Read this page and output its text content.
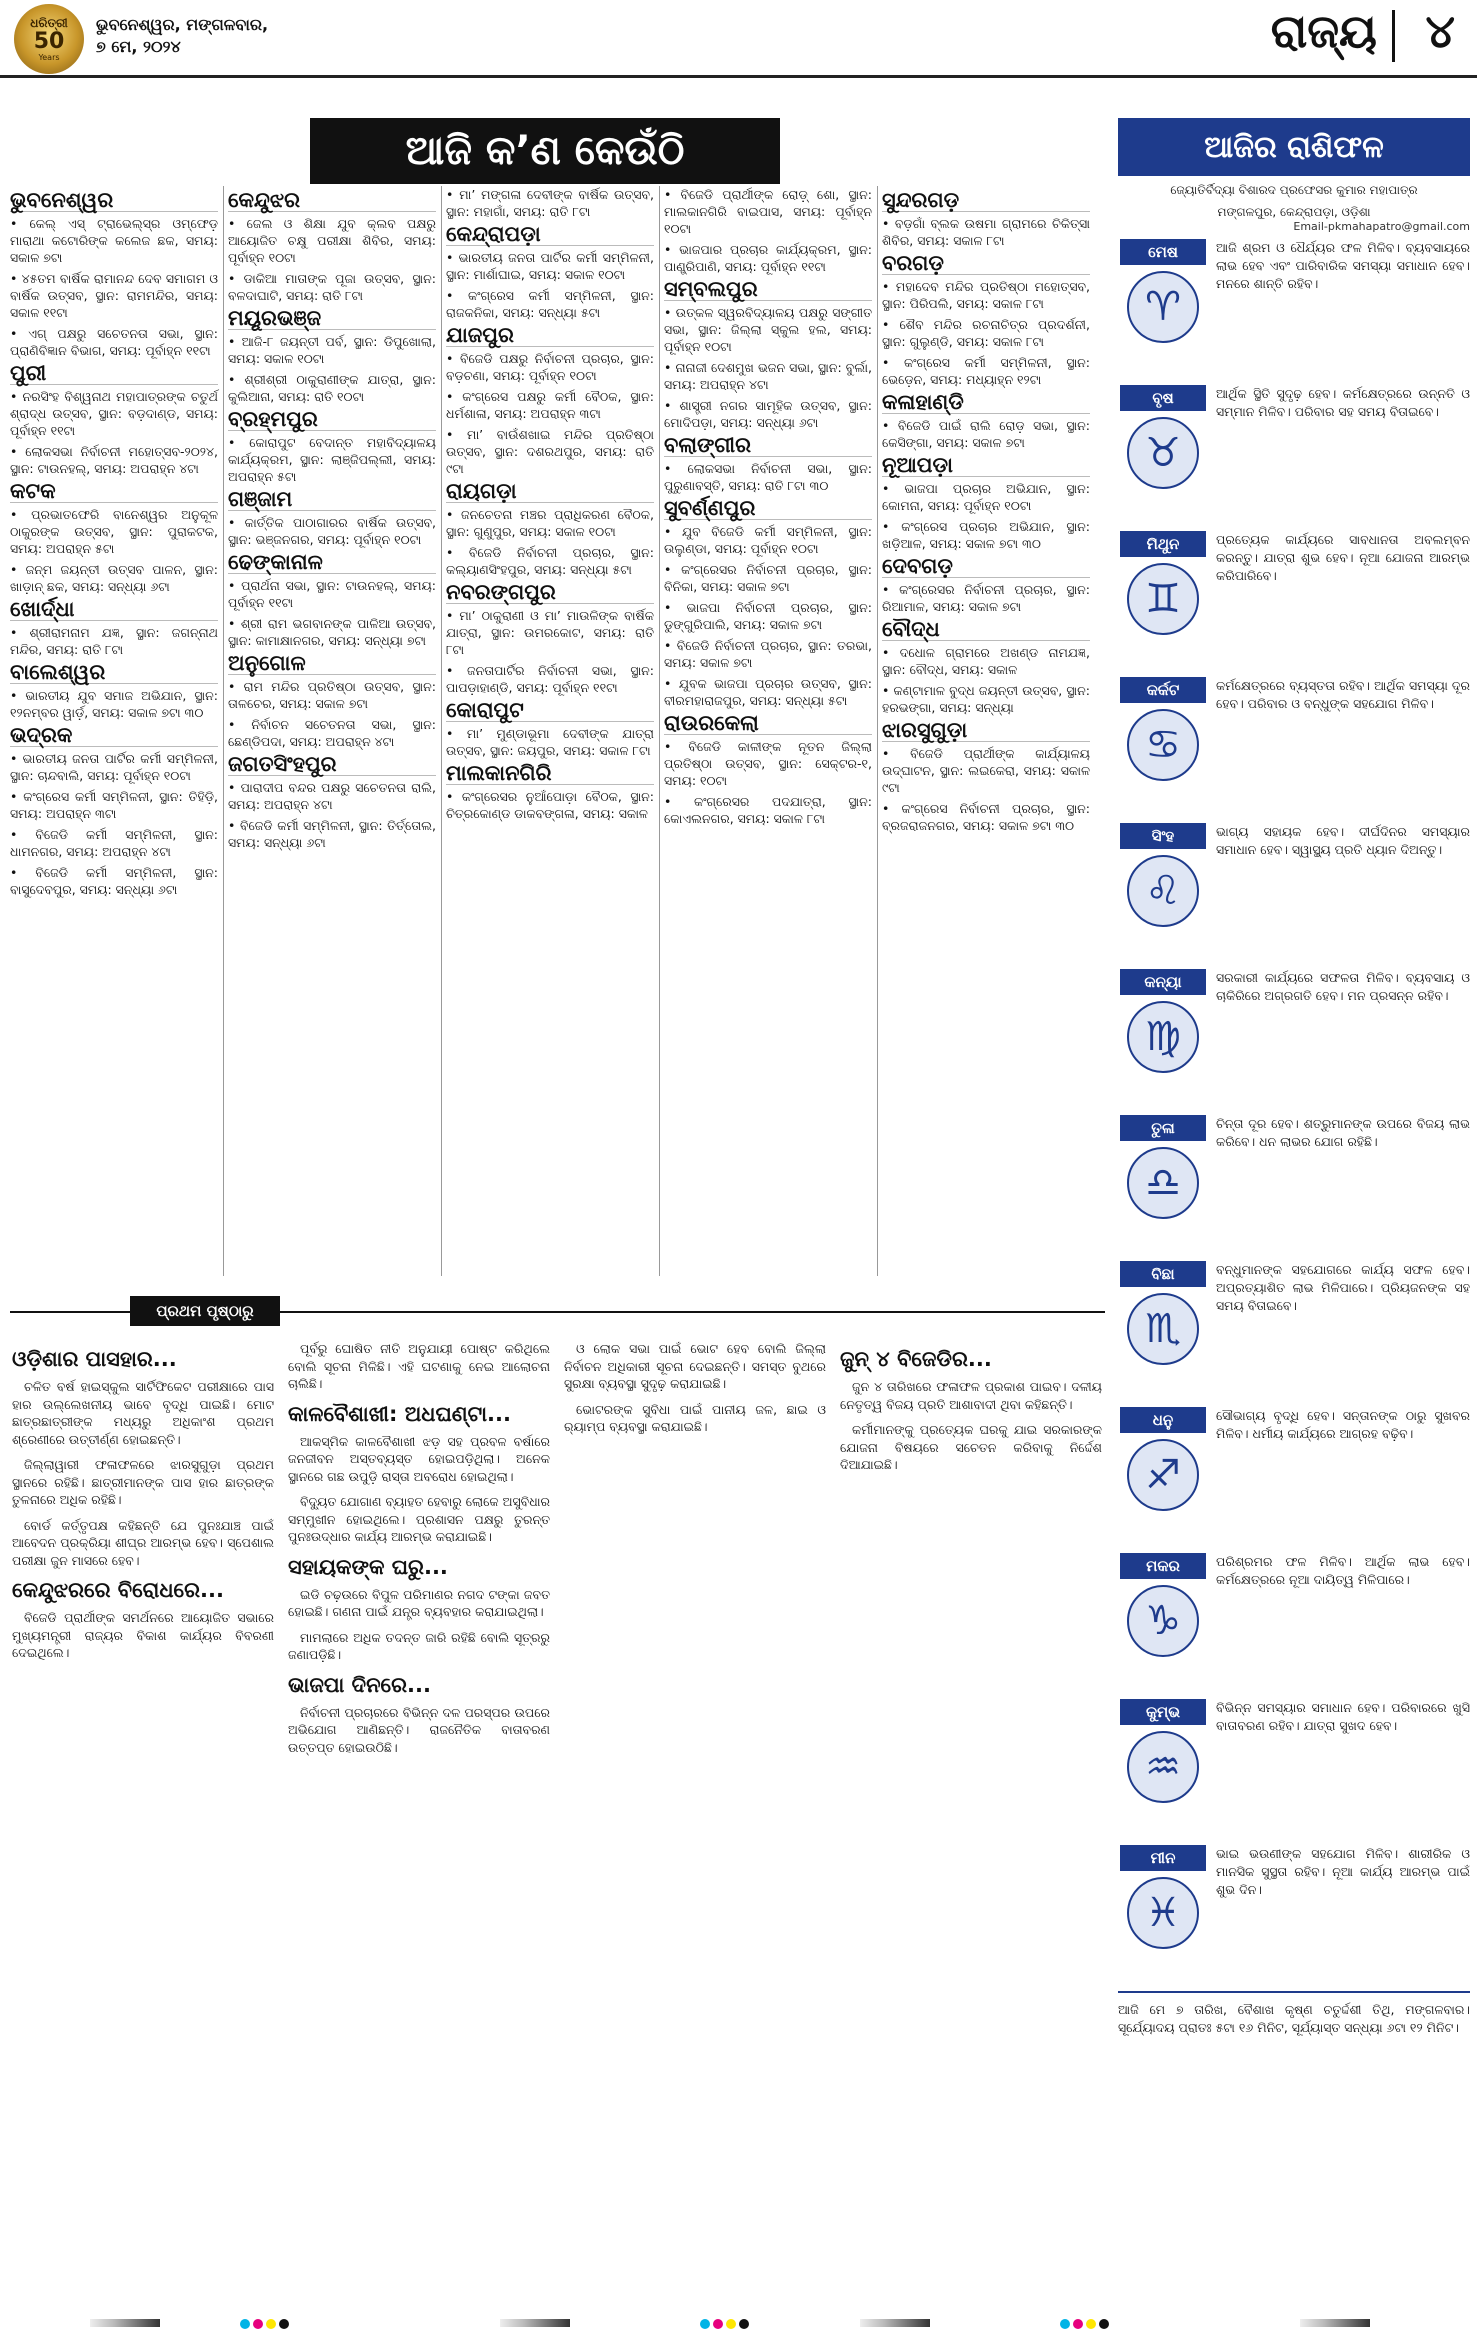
ଧରିତ୍ରୀ
50
Years
ଭୁବନେଶ୍ୱର, ମଙ୍ଗଳବାର,
୭ ମେ, ୨୦୨୪	ରାଜ୍ୟ ୪
ଆଜି କ’ଣ କେଉଁଠି
ଭୁବନେଶ୍ୱର
• କେଲ୍ ଏସ୍‌ ଟ୍ରାଭେଲ୍ସ୍‌ର ଓମ୍‌ଫେଡ଼ ମାରାଥା କଟୋରି‌ଙ୍କ କଲେଜ ଛକ, ସମୟ: ସକାଳ ୭ଟା
• ୪୫ତମ ବାର୍ଷିକ ରାମାନନ୍ଦ ଦେବ ସମାଗମ ଓ ବାର୍ଷିକ ଉତ୍ସବ, ସ୍ଥାନ: ରାମମନ୍ଦିର, ସମୟ: ସକାଳ ୧୧ଟା
• ଏଗ୍ ପକ୍ଷରୁ ସଚେତନତା ସଭା, ସ୍ଥାନ: ପ୍ରାଣିବିଜ୍ଞାନ ବିଭାଗ, ସମୟ: ପୂର୍ବାହ୍ନ ୧୧ଟା
ପୁରୀ
• ନରସିଂହ ବିଶ୍ୱନାଥ ମହାପାତ୍ରଙ୍କ ଚତୁର୍ଥ ଶ୍ରାଦ୍ଧ ଉତ୍ସବ, ସ୍ଥାନ: ବଡ଼ଦାଣ୍ଡ, ସମୟ: ପୂର୍ବାହ୍ନ ୧୧ଟା
• ଲୋକସଭା ନିର୍ବାଚନୀ ମହୋତ୍ସବ-୨୦୨୪, ସ୍ଥାନ: ଟାଉନହଲ୍‌, ସମୟ: ଅପରାହ୍ନ ୪ଟା
କଟକ
• ପ୍ରଭାତଫେରି ବାନେଶ୍ୱର ଅନୁକୂଳ ଠାକୁରଙ୍କ ଉତ୍ସବ, ସ୍ଥାନ: ପୁରାକଟକ, ସମୟ: ଅପରାହ୍ନ ୫ଟା
• ଜନ୍ମ ଜୟନ୍ତୀ ଉତ୍ସବ ପାଳନ, ସ୍ଥାନ: ଖାଡ଼ାନ୍‌ ଛକ, ସମୟ: ସନ୍ଧ୍ୟା ୬ଟା
ଖୋର୍ଦ୍ଧା
• ଶ୍ରୀରାମନାମ ଯଜ୍ଞ, ସ୍ଥାନ: ଜଗନ୍ନାଥ ମନ୍ଦିର, ସମୟ: ରାତି ୮ଟା
ବାଲେଶ୍ୱର
• ଭାରତୀୟ ଯୁବ ସମାଜ ଅଭିଯାନ, ସ୍ଥାନ: ୧୨ନମ୍ବର ୱାର୍ଡ଼, ସମୟ: ସକାଳ ୭ଟା ୩୦
ଭଦ୍ରକ
• ଭାରତୀୟ ଜନତା ପାର୍ଟିର କର୍ମୀ ସମ୍ମିଳନୀ, ସ୍ଥାନ: ଚାନ୍ଦବାଲି, ସମୟ: ପୂର୍ବାହ୍ନ ୧୦ଟା
• କଂଗ୍ରେସ କର୍ମୀ ସମ୍ମିଳନୀ, ସ୍ଥାନ: ତିହିଡ଼ି, ସମୟ: ଅପରାହ୍ନ ୩ଟା
• ବିଜେଡି କର୍ମୀ ସମ୍ମିଳନୀ, ସ୍ଥାନ: ଧାମନଗର, ସମୟ: ଅପରାହ୍ନ ୪ଟା
• ବିଜେଡି କର୍ମୀ ସମ୍ମିଳନୀ, ସ୍ଥାନ: ବାସୁଦେବପୁର, ସମୟ: ସନ୍ଧ୍ୟା ୬ଟା
କେନ୍ଦୁଝର
• ଜେଲ ଓ ଶିକ୍ଷା ଯୁବ କ୍ଲବ ପକ୍ଷରୁ ଆୟୋଜିତ ଚକ୍ଷୁ ପରୀକ୍ଷା ଶିବିର, ସମୟ: ପୂର୍ବାହ୍ନ ୧୦ଟା
• ଡାକିଆ ମାତାଙ୍କ ପୂଜା ଉତ୍ସବ, ସ୍ଥାନ: ବଳଦାଘାଟି, ସମୟ: ରାତି ୮ଟା
ମୟୂରଭଞ୍ଜ
• ଆଜି-୮ ଜୟନ୍ତୀ ପର୍ବ, ସ୍ଥାନ: ଡିପୁଖୋଲା, ସମୟ: ସକାଳ ୧୦ଟା
• ଶ୍ରୀଶ୍ରୀ ଠାକୁରାଣୀଙ୍କ ଯାତ୍ରା, ସ୍ଥାନ: କୁଲିଆନା, ସମୟ: ରାତି ୧୦ଟା
ବ୍ରହ୍ମପୁର
• କୋରାପୁଟ ବେଦାନ୍ତ ମହାବିଦ୍ୟାଳୟ କାର୍ଯ୍ୟକ୍ରମ, ସ୍ଥାନ: ଲାଞ୍ଜିପଲ୍ଲୀ, ସମୟ: ଅପରାହ୍ନ ୫ଟା
ଗଞ୍ଜାମ
• କାର୍ତ୍ତିକ ପାଠାଗାରର ବାର୍ଷିକ ଉତ୍ସବ, ସ୍ଥାନ: ଭଞ୍ଜନଗର, ସମୟ: ପୂର୍ବାହ୍ନ ୧୦ଟା
ଢେଙ୍କାନାଳ
• ପ୍ରାର୍ଥନା ସଭା, ସ୍ଥାନ: ଟାଉନହଲ୍‌, ସମୟ: ପୂର୍ବାହ୍ନ ୧୧ଟା
• ଶ୍ରୀ ରାମ ଭଗବାନଙ୍କ ପାଳିଆ ଉତ୍ସବ, ସ୍ଥାନ: କାମାକ୍ଷାନଗର, ସମୟ: ସନ୍ଧ୍ୟା ୭ଟା
ଅନୁଗୋଳ
• ରାମ ମନ୍ଦିର ପ୍ରତିଷ୍ଠା ଉତ୍ସବ, ସ୍ଥାନ: ତାଳଚେର, ସମୟ: ସକାଳ ୭ଟା
• ନିର୍ବାଚନ ସଚେତନତା ସଭା, ସ୍ଥାନ: ଛେଣ୍ଡିପଦା, ସମୟ: ଅପରାହ୍ନ ୪ଟା
ଜଗତସିଂହପୁର
• ପାରାଦୀପ ବନ୍ଦର ପକ୍ଷରୁ ସଚେତନତା ରାଲି, ସମୟ: ଅପରାହ୍ନ ୪ଟା
• ବିଜେଡି କର୍ମୀ ସମ୍ମିଳନୀ, ସ୍ଥାନ: ତିର୍ତ୍ତୋଲ, ସମୟ: ସନ୍ଧ୍ୟା ୬ଟା
• ମା’ ମଙ୍ଗଳା ଦେବୀଙ୍କ ବାର୍ଷିକ ଉତ୍ସବ, ସ୍ଥାନ: ମହାଗାଁ, ସମୟ: ରାତି ୮ଟା
କେନ୍ଦ୍ରାପଡ଼ା
• ଭାରତୀୟ ଜନତା ପାର୍ଟିର କର୍ମୀ ସମ୍ମିଳନୀ, ସ୍ଥାନ: ମାର୍ଶାଘାଇ, ସମୟ: ସକାଳ ୧୦ଟା
• କଂଗ୍ରେସ କର୍ମୀ ସମ୍ମିଳନୀ, ସ୍ଥାନ: ରାଜକନିକା, ସମୟ: ସନ୍ଧ୍ୟା ୫ଟା
ଯାଜପୁର
• ବିଜେଡି ପକ୍ଷରୁ ନିର୍ବାଚନୀ ପ୍ରଚାର, ସ୍ଥାନ: ବଡ଼ଚଣା, ସମୟ: ପୂର୍ବାହ୍ନ ୧୦ଟା
• କଂଗ୍ରେସ ପକ୍ଷରୁ କର୍ମୀ ବୈଠକ, ସ୍ଥାନ: ଧର୍ମଶାଳା, ସମୟ: ଅପରାହ୍ନ ୩ଟା
• ମା’ ବାଉଁଶଖାଇ ମନ୍ଦିର ପ୍ରତିଷ୍ଠା ଉତ୍ସବ, ସ୍ଥାନ: ଦଶରଥପୁର, ସମୟ: ରାତି ୯ଟା
ରାୟଗଡ଼ା
• ଜନଚେତନା ମଞ୍ଚର ପ୍ରାଧିକରଣ ବୈଠକ, ସ୍ଥାନ: ଗୁଣୁପୁର, ସମୟ: ସକାଳ ୧୦ଟା
• ବିଜେଡି ନିର୍ବାଚନୀ ପ୍ରଚାର, ସ୍ଥାନ: କଲ୍ୟାଣସିଂହପୁର, ସମୟ: ସନ୍ଧ୍ୟା ୫ଟା
ନବରଙ୍ଗପୁର
• ମା’ ଠାକୁରାଣୀ ଓ ମା’ ମାଉଳିଙ୍କ ବାର୍ଷିକ ଯାତ୍ରା, ସ୍ଥାନ: ଉମରକୋଟ, ସମୟ: ରାତି ୮ଟା
• ଜନତାପାର୍ଟିର ନିର୍ବାଚନୀ ସଭା, ସ୍ଥାନ: ପାପଡ଼ାହାଣ୍ଡି, ସମୟ: ପୂର୍ବାହ୍ନ ୧୧ଟା
କୋରାପୁଟ
• ମା’ ମୁଣ୍ଡାଭୂମା ଦେବୀଙ୍କ ଯାତ୍ରା ଉତ୍ସବ, ସ୍ଥାନ: ଜୟପୁର, ସମୟ: ସକାଳ ୮ଟା
ମାଲକାନଗିରି
• କଂଗ୍ରେସର ନୁଆଁପୋଡ଼ା ବୈଠକ, ସ୍ଥାନ: ଚିତ୍ରକୋଣ୍ଡ ଡାକବଙ୍ଗଳା, ସମୟ: ସକାଳ
• ବିଜେଡି ପ୍ରାର୍ଥୀଙ୍କ ରୋଡ଼୍‌ ଶୋ, ସ୍ଥାନ: ମାଲକାନଗିରି ବାଇପାସ, ସମୟ: ପୂର୍ବାହ୍ନ ୧୦ଟା
• ଭାଜପାର ପ୍ରଚାର କାର୍ଯ୍ୟକ୍ରମ, ସ୍ଥାନ: ପାଣ୍ଡ୍ରିପାଣି, ସମୟ: ପୂର୍ବାହ୍ନ ୧୧ଟା
ସମ୍ବଲପୁର
• ଉତ୍କଳ ସ୍ୱରବିଦ୍ୟାଳୟ ପକ୍ଷରୁ ସଙ୍ଗୀତ ସଭା, ସ୍ଥାନ: ଜିଲ୍ଲା ସ୍କୁଲ ହଲ, ସମୟ: ପୂର୍ବାହ୍ନ ୧୦ଟା
• ନାନାଜୀ ଦେଶମୁଖ ଭଜନ ସଭା, ସ୍ଥାନ: ବୁର୍ଲା, ସମୟ: ଅପରାହ୍ନ ୪ଟା
• ଶାସ୍ତ୍ରୀ ନଗର ସାମୂହିକ ଉତ୍ସବ, ସ୍ଥାନ: ମୋଦିପଡ଼ା, ସମୟ: ସନ୍ଧ୍ୟା ୬ଟା
ବଲାଙ୍ଗୀର
• ଲୋକସଭା ନିର୍ବାଚନୀ ସଭା, ସ୍ଥାନ: ପୁରୁଣାବସ୍ତି, ସମୟ: ରାତି ୮ଟା ୩୦
ସୁବର୍ଣ୍ଣପୁର
• ଯୁବ ବିଜେଡି କର୍ମୀ ସମ୍ମିଳନୀ, ସ୍ଥାନ: ଉଲୁଣ୍ଡା, ସମୟ: ପୂର୍ବାହ୍ନ ୧୦ଟା
• କଂଗ୍ରେସର ନିର୍ବାଚନୀ ପ୍ରଚାର, ସ୍ଥାନ: ବିନିକା, ସମୟ: ସକାଳ ୭ଟା
• ଭାଜପା ନିର୍ବାଚନୀ ପ୍ରଚାର, ସ୍ଥାନ: ଡୁଙ୍ଗୁରିପାଲି, ସମୟ: ସକାଳ ୭ଟା
• ବିଜେଡି ନିର୍ବାଚନୀ ପ୍ରଚାର, ସ୍ଥାନ: ତରଭା, ସମୟ: ସକାଳ ୭ଟା
• ଯୁବକ ଭାଜପା ପ୍ରଚାର ଉତ୍ସବ, ସ୍ଥାନ: ବୀରମହାରାଜପୁର, ସମୟ: ସନ୍ଧ୍ୟା ୫ଟା
ରାଉରକେଲା
• ବିଜେଡି କାଳୀଙ୍କ ନୂତନ ଜିଲ୍ଲା ପ୍ରତିଷ୍ଠା ଉତ୍ସବ, ସ୍ଥାନ: ସେକ୍ଟର-୧, ସମୟ: ୧୦ଟା
• କଂଗ୍ରେସର ପଦଯାତ୍ରା, ସ୍ଥାନ: କୋଏଲନଗର, ସମୟ: ସକାଳ ୮ଟା
ସୁନ୍ଦରଗଡ଼
• ବଡ଼ଗାଁ ବ୍ଲକ ଉଷମା ଗ୍ରାମରେ ଚିକିତ୍ସା ଶିବିର, ସମୟ: ସକାଳ ୮ଟା
ବରଗଡ଼
• ମହାଦେବ ମନ୍ଦିର ପ୍ରତିଷ୍ଠା ମହୋତ୍ସବ, ସ୍ଥାନ: ପିରିପଲି, ସମୟ: ସକାଳ ୮ଟା
• ଶୈବ ମନ୍ଦିର ରଚନାଚିତ୍ର ପ୍ରଦର୍ଶନୀ, ସ୍ଥାନ: ଗୁଲୁଣ୍ଡି, ସମୟ: ସକାଳ ୮ଟା
• କଂଗ୍ରେସ କର୍ମୀ ସମ୍ମିଳନୀ, ସ୍ଥାନ: ଭେଡ଼େନ, ସମୟ: ମଧ୍ୟାହ୍ନ ୧୨ଟା
କଳାହାଣ୍ଡି
• ବିଜେଡି ପାଇଁ ରାଲି ରୋଡ଼ ସଭା, ସ୍ଥାନ: କେସିଙ୍ଗା, ସମୟ: ସକାଳ ୭ଟା
ନୂଆପଡ଼ା
• ଭାଜପା ପ୍ରଚାର ଅଭିଯାନ, ସ୍ଥାନ: କୋମନା, ସମୟ: ପୂର୍ବାହ୍ନ ୧୦ଟା
• କଂଗ୍ରେସ ପ୍ରଚାର ଅଭିଯାନ, ସ୍ଥାନ: ଖଡ଼ିଆଳ, ସମୟ: ସକାଳ ୭ଟା ୩୦
ଦେବଗଡ଼
• କଂଗ୍ରେସର ନିର୍ବାଚନୀ ପ୍ରଚାର, ସ୍ଥାନ: ରିଆମାଳ, ସମୟ: ସକାଳ ୭ଟା
ବୌଦ୍ଧ
• ଦଧୋଳ ଗ୍ରାମରେ ଅଖଣ୍ଡ ନାମଯଜ୍ଞ, ସ୍ଥାନ: ବୌଦ୍ଧ, ସମୟ: ସକାଳ
• କଣ୍ଟାମାଳ ବୁଦ୍ଧ ଜୟନ୍ତୀ ଉତ୍ସବ, ସ୍ଥାନ: ହରଭଙ୍ଗା, ସମୟ: ସନ୍ଧ୍ୟା
ଝାରସୁଗୁଡ଼ା
• ବିଜେଡି ପ୍ରାର୍ଥୀଙ୍କ କାର୍ଯ୍ୟାଳୟ ଉଦ୍‌ଘାଟନ, ସ୍ଥାନ: ଲଇକେରା, ସମୟ: ସକାଳ ୯ଟା
• କଂଗ୍ରେସ ନିର୍ବାଚନୀ ପ୍ରଚାର, ସ୍ଥାନ: ବ୍ରଜରାଜନଗର, ସମୟ: ସକାଳ ୭ଟା ୩୦
ଆଜିର ରାଶିଫଳ
ଜ୍ୟୋତିର୍ବିଦ୍ୟା ବିଶାରଦ ପ୍ରଫେସର କୁମାର ମହାପାତ୍ର
ମଙ୍ଗଳପୁର, କେନ୍ଦ୍ରାପଡ଼ା, ଓଡ଼ିଶା
Email-pkmahapatro@gmail.com
ମେଷ
♈
ଆଜି ଶ୍ରମ ଓ ଧୈର୍ଯ୍ୟର ଫଳ ମିଳିବ। ବ୍ୟବସାୟରେ ଲାଭ ହେବ ଏବଂ ପାରିବାରିକ ସମସ୍ୟା ସମାଧାନ ହେବ। ମନରେ ଶାନ୍ତି ରହିବ।
ବୃଷ
♉
ଆର୍ଥିକ ସ୍ଥିତି ସୁଦୃଢ଼ ହେବ। କର୍ମକ୍ଷେତ୍ରରେ ଉନ୍ନତି ଓ ସମ୍ମାନ ମିଳିବ। ପରିବାର ସହ ସମୟ ବିତାଇବେ।
ମିଥୁନ
♊
ପ୍ରତ୍ୟେକ କାର୍ଯ୍ୟରେ ସାବଧାନତା ଅବଲମ୍ବନ କରନ୍ତୁ। ଯାତ୍ରା ଶୁଭ ହେବ। ନୂଆ ଯୋଜନା ଆରମ୍ଭ କରିପାରିବେ।
କର୍କଟ
♋
କର୍ମକ୍ଷେତ୍ରରେ ବ୍ୟସ୍ତତା ରହିବ। ଆର୍ଥିକ ସମସ୍ୟା ଦୂର ହେବ। ପରିବାର ଓ ବନ୍ଧୁଙ୍କ ସହଯୋଗ ମିଳିବ।
ସିଂହ
♌
ଭାଗ୍ୟ ସହାୟକ ହେବ। ଦୀର୍ଘଦିନର ସମସ୍ୟାର ସମାଧାନ ହେବ। ସ୍ୱାସ୍ଥ୍ୟ ପ୍ରତି ଧ୍ୟାନ ଦିଅନ୍ତୁ।
କନ୍ୟା
♍
ସରକାରୀ କାର୍ଯ୍ୟରେ ସଫଳତା ମିଳିବ। ବ୍ୟବସାୟ ଓ ଚାକିରିରେ ଅଗ୍ରଗତି ହେବ। ମନ ପ୍ରସନ୍ନ ରହିବ।
ତୁଳା
♎
ଚିନ୍ତା ଦୂର ହେବ। ଶତ୍ରୁମାନଙ୍କ ଉପରେ ବିଜୟ ଲାଭ କରିବେ। ଧନ ଲାଭର ଯୋଗ ରହିଛି।
ବିଛା
♏
ବନ୍ଧୁମାନଙ୍କ ସହଯୋଗରେ କାର୍ଯ୍ୟ ସଫଳ ହେବ। ଅପ୍ରତ୍ୟାଶିତ ଲାଭ ମିଳିପାରେ। ପ୍ରିୟଜନଙ୍କ ସହ ସମୟ ବିତାଇବେ।
ଧନୁ
♐
ସୌଭାଗ୍ୟ ବୃଦ୍ଧି ହେବ। ସନ୍ତାନଙ୍କ ଠାରୁ ସୁଖବର ମିଳିବ। ଧର୍ମୀୟ କାର୍ଯ୍ୟରେ ଆଗ୍ରହ ବଢ଼ିବ।
ମକର
♑
ପରିଶ୍ରମର ଫଳ ମିଳିବ। ଆର୍ଥିକ ଲାଭ ହେବ। କର୍ମକ୍ଷେତ୍ରରେ ନୂଆ ଦାୟିତ୍ୱ ମିଳିପାରେ।
କୁମ୍ଭ
♒
ବିଭିନ୍ନ ସମସ୍ୟାର ସମାଧାନ ହେବ। ପରିବାରରେ ଖୁସି ବାତାବରଣ ରହିବ। ଯାତ୍ରା ସୁଖଦ ହେବ।
ମୀନ
♓
ଭାଇ ଭଉଣୀଙ୍କ ସହଯୋଗ ମିଳିବ। ଶାରୀରିକ ଓ ମାନସିକ ସୁସ୍ଥତା ରହିବ। ନୂଆ କାର୍ଯ୍ୟ ଆରମ୍ଭ ପାଇଁ ଶୁଭ ଦିନ।
ଆଜି ମେ ୭ ତାରିଖ, ବୈଶାଖ କୃଷ୍ଣ ଚତୁର୍ଦ୍ଦଶୀ ତିଥି, ମଙ୍ଗଳବାର। ସୂର୍ଯ୍ୟୋଦୟ ପ୍ରାତଃ ୫ଟା ୧୬ ମିନିଟ, ସୂର୍ଯ୍ୟାସ୍ତ ସନ୍ଧ୍ୟା ୬ଟା ୧୨ ମିନିଟ।
ପ୍ରଥମ ପୃଷ୍ଠାରୁ
ଓଡ଼ିଶାର ପାସହାର...

ଚଳିତ ବର୍ଷ ହାଇସ୍କୁଲ ସାର୍ଟିଫିକେଟ ପରୀକ୍ଷାରେ ପାସ ହାର ଉଲ୍ଲେଖନୀୟ ଭାବେ ବୃଦ୍ଧି ପାଇଛି। ମୋଟ ଛାତ୍ରଛାତ୍ରୀଙ୍କ ମଧ୍ୟରୁ ଅଧିକାଂଶ ପ୍ରଥମ ଶ୍ରେଣୀରେ ଉତ୍ତୀର୍ଣ୍ଣ ହୋଇଛନ୍ତି।

ଜିଲ୍ଲାୱାରୀ ଫଳାଫଳରେ ଝାରସୁଗୁଡ଼ା ପ୍ରଥମ ସ୍ଥାନରେ ରହିଛି। ଛାତ୍ରୀମାନଙ୍କ ପାସ ହାର ଛାତ୍ରଙ୍କ ତୁଳନାରେ ଅଧିକ ରହିଛି।

ବୋର୍ଡ କର୍ତ୍ତୃପକ୍ଷ କହିଛନ୍ତି ଯେ ପୁନଃଯାଞ୍ଚ ପାଇଁ ଆବେଦନ ପ୍ରକ୍ରିୟା ଶୀଘ୍ର ଆରମ୍ଭ ହେବ। ସ୍ପେଶାଲ ପରୀକ୍ଷା ଜୁନ ମାସରେ ହେବ।

କେନ୍ଦୁଝରରେ ବିରୋଧରେ...

ବିଜେଡି ପ୍ରାର୍ଥୀଙ୍କ ସମର୍ଥନରେ ଆୟୋଜିତ ସଭାରେ ମୁଖ୍ୟମନ୍ତ୍ରୀ ରାଜ୍ୟର ବିକାଶ କାର୍ଯ୍ୟର ବିବରଣୀ ଦେଇଥିଲେ।

ପୂର୍ବରୁ ଘୋଷିତ ନୀତି ଅନୁଯାୟୀ ପୋଷ୍ଟ କରିଥିଲେ ବୋଲି ସୂଚନା ମିଳିଛି। ଏହି ଘଟଣାକୁ ନେଇ ଆଲୋଚନା ଚାଲିଛି।

କାଳବୈଶାଖୀ: ଅଧଘଣ୍ଟା...

ଆକସ୍ମିକ କାଳବୈଶାଖୀ ଝଡ଼ ସହ ପ୍ରବଳ ବର୍ଷାରେ ଜନଜୀବନ ଅସ୍ତବ୍ୟସ୍ତ ହୋଇପଡ଼ିଥିଲା। ଅନେକ ସ୍ଥାନରେ ଗଛ ଉପୁଡ଼ି ରାସ୍ତା ଅବରୋଧ ହୋଇଥିଲା।

ବିଦ୍ୟୁତ ଯୋଗାଣ ବ୍ୟାହତ ହେବାରୁ ଲୋକେ ଅସୁବିଧାର ସମ୍ମୁଖୀନ ହୋଇଥିଲେ। ପ୍ରଶାସନ ପକ୍ଷରୁ ତୁରନ୍ତ ପୁନଃଉଦ୍ଧାର କାର୍ଯ୍ୟ ଆରମ୍ଭ କରାଯାଇଛି।

ସହାୟକଙ୍କ ଘରୁ...

ଇଡି ଚଢ଼ଉରେ ବିପୁଳ ପରିମାଣର ନଗଦ ଟଙ୍କା ଜବତ ହୋଇଛି। ଗଣନା ପାଇଁ ଯନ୍ତ୍ର ବ୍ୟବହାର କରାଯାଇଥିଲା।

ମାମଲାରେ ଅଧିକ ତଦନ୍ତ ଜାରି ରହିଛି ବୋଲି ସୂତ୍ରରୁ ଜଣାପଡ଼ିଛି।

ଭାଜପା ଦିନରେ...

ନିର୍ବାଚନୀ ପ୍ରଚାରରେ ବିଭିନ୍ନ ଦଳ ପରସ୍ପର ଉପରେ ଅଭିଯୋଗ ଆଣିଛନ୍ତି। ରାଜନୈତିକ ବାତାବରଣ ଉତ୍ତପ୍ତ ହୋଇଉଠିଛି।

ଓ ଲୋକ ସଭା ପାଇଁ ଭୋଟ ହେବ ବୋଲି ଜିଲ୍ଲା ନିର୍ବାଚନ ଅଧିକାରୀ ସୂଚନା ଦେଇଛନ୍ତି। ସମସ୍ତ ବୁଥରେ ସୁରକ୍ଷା ବ୍ୟବସ୍ଥା ସୁଦୃଢ଼ କରାଯାଇଛି।

ଭୋଟରଙ୍କ ସୁବିଧା ପାଇଁ ପାନୀୟ ଜଳ, ଛାଇ ଓ ର‍୍ୟାମ୍ପ ବ୍ୟବସ୍ଥା କରାଯାଇଛି।

ଜୁନ୍ ୪ ବିଜେଡିର...

ଜୁନ ୪ ତାରିଖରେ ଫଳାଫଳ ପ୍ରକାଶ ପାଇବ। ଦଳୀୟ ନେତୃତ୍ୱ ବିଜୟ ପ୍ରତି ଆଶାବାଦୀ ଥିବା କହିଛନ୍ତି।

କର୍ମୀମାନଙ୍କୁ ପ୍ରତ୍ୟେକ ଘରକୁ ଯାଇ ସରକାରଙ୍କ ଯୋଜନା ବିଷୟରେ ସଚେତନ କରିବାକୁ ନିର୍ଦ୍ଦେଶ ଦିଆଯାଇଛି।
